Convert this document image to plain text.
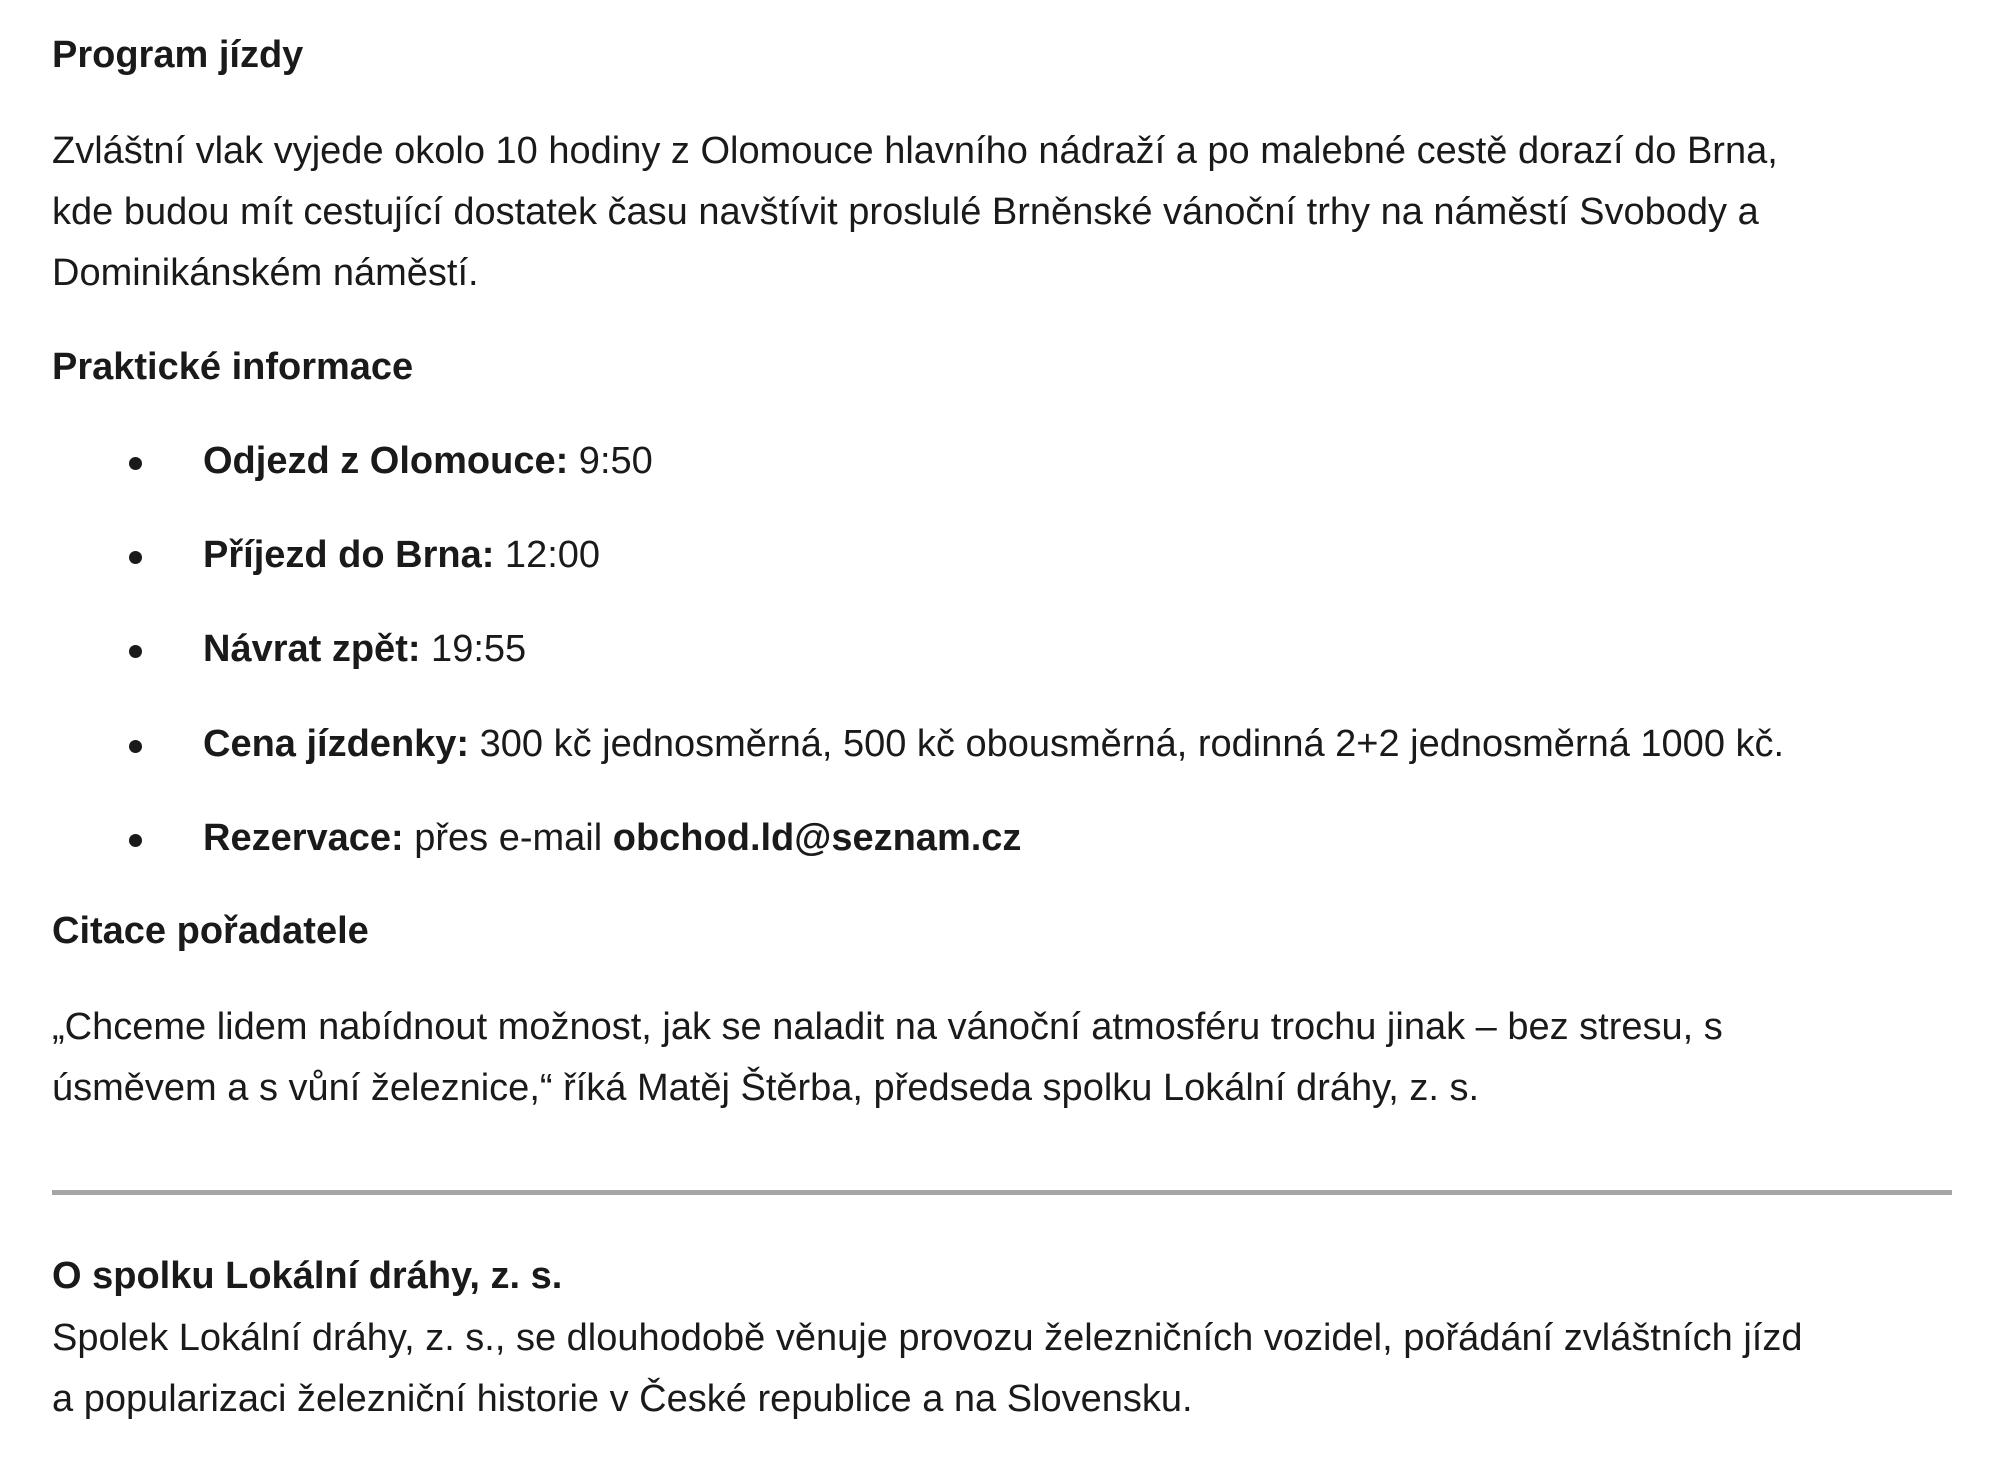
Program jízdy

Zvláštní vlak vyjede okolo 10 hodiny z Olomouce hlavního nádraží a po malebné cestě dorazí do Brna,
kde budou mít cestující dostatek času navštívit proslulé Brněnské vánoční trhy na náměstí Svobody a
Dominikánském náměstí.

Praktické informace
Odjezd z Olomouce: 9:50
Příjezd do Brna: 12:00
Návrat zpět: 19:55
Cena jízdenky: 300 kč jednosměrná, 500 kč obousměrná, rodinná 2+2 jednosměrná 1000 kč.
Rezervace: přes e-mail obchod.ld@seznam.cz
Citace pořadatele

„Chceme lidem nabídnout možnost, jak se naladit na vánoční atmosféru trochu jinak – bez stresu, s
úsměvem a s vůní železnice,“ říká Matěj Štěrba, předseda spolku Lokální dráhy, z. s.

O spolku Lokální dráhy, z. s.

Spolek Lokální dráhy, z. s., se dlouhodobě věnuje provozu železničních vozidel, pořádání zvláštních jízd
a popularizaci železniční historie v České republice a na Slovensku.
